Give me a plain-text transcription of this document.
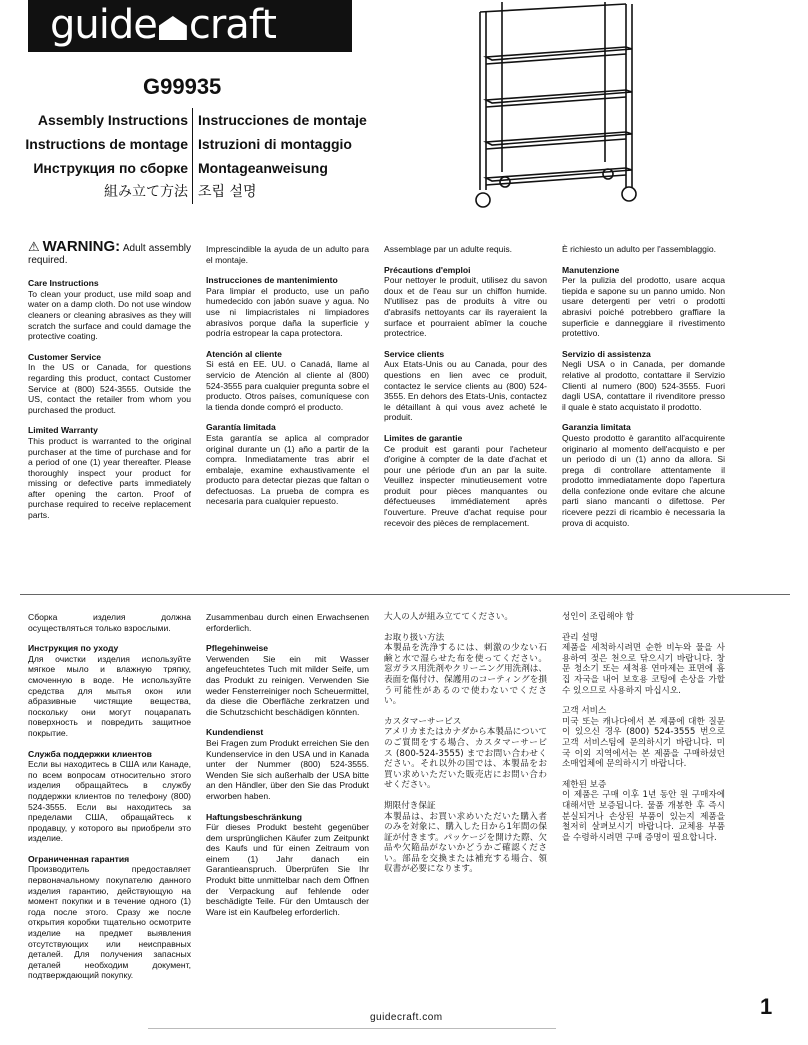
guide craft
G99935
Assembly Instructions
Instructions de montage
Инструкция по сборке
組み立て方法
Instrucciones de montaje
Istruzioni di montaggio
Montageanweisung
조립 설명
⚠ WARNING: Adult assembly required.
Care Instructions

To clean your product, use mild soap and water on a damp cloth. Do not use window cleaners or cleaning abrasives as they will scratch the surface and could damage the protective coating.

Customer Service

In the US or Canada, for questions regarding this product, contact Customer Service at (800) 524-3555. Outside the US, contact the retailer from whom you purchased the product.

Limited Warranty

This product is warranted to the original purchaser at the time of purchase and for a period of one (1) year thereafter. Please thoroughly inspect your product for missing or defective parts immediately after opening the carton. Proof of purchase required to receive replacement parts.

Imprescindible la ayuda de un adulto para el montaje.

Instrucciones de mantenimiento

Para limpiar el producto, use un paño humedecido con jabón suave y agua. No use ni limpiacristales ni limpiadores abrasivos porque daña la superficie y podría estropear la capa protectora.

Atención al cliente

Si está en EE. UU. o Canadá, llame al servicio de Atención al cliente al (800) 524-3555 para cualquier pregunta sobre el producto. Otros países, comuníquese con la tienda donde compró el producto.

Garantía limitada

Esta garantía se aplica al comprador original durante un (1) año a partir de la compra. Inmediatamente tras abrir el embalaje, examine exhaustivamente el producto para detectar piezas que faltan o defectuosas. La prueba de compra es necesaria para cualquier repuesto.

Assemblage par un adulte requis.

Précautions d'emploi

Pour nettoyer le produit, utilisez du savon doux et de l'eau sur un chiffon humide. N'utilisez pas de produits à vitre ou d'abrasifs nettoyants car ils rayeraient la surface et pourraient abîmer la couche protectrice.

Service clients

Aux Etats-Unis ou au Canada, pour des questions en lien avec ce produit, contactez le service clients au (800) 524-3555. En dehors des Etats-Unis, contactez le détaillant à qui vous avez acheté le produit.

Limites de garantie

Ce produit est garanti pour l'acheteur d'origine à compter de la date d'achat et pour une période d'un an par la suite. Veuillez inspecter minutieusement votre produit pour pièces manquantes ou défectueuses immédiatement après l'ouverture. Preuve d'achat requise pour recevoir des pièces de remplacement.

È richiesto un adulto per l'assemblaggio.

Manutenzione

Per la pulizia del prodotto, usare acqua tiepida e sapone su un panno umido. Non usare detergenti per vetri o prodotti abrasivi poiché potrebbero graffiare la superficie e danneggiare il rivestimento protettivo.

Servizio di assistenza

Negli USA o in Canada, per domande relative al prodotto, contattare il Servizio Clienti al numero (800) 524-3555. Fuori dagli USA, contattare il rivenditore presso il quale è stato acquistato il prodotto.

Garanzia limitata

Questo prodotto è garantito all'acquirente originario al momento dell'acquisto e per un periodo di un (1) anno da allora. Si prega di controllare attentamente il prodotto immediatamente dopo l'apertura della confezione onde evitare che alcune parti siano mancanti o difettose. Per ricevere pezzi di ricambio è necessaria la prova di acquisto.

Сборка изделия должна осуществляться только взрослыми.

Инструкция по уходу

Для очистки изделия используйте мягкое мыло и влажную тряпку, смоченную в воде. Не используйте средства для мытья окон или абразивные чистящие вещества, поскольку они могут поцарапать поверхность и повредить защитное покрытие.

Служба поддержки клиентов

Если вы находитесь в США или Канаде, по всем вопросам относительно этого изделия обращайтесь в службу поддержки клиентов по телефону (800) 524-3555. Если вы находитесь за пределами США, обращайтесь к продавцу, у которого вы приобрели это изделие.

Ограниченная гарантия

Производитель предоставляет первоначальному покупателю данного изделия гарантию, действующую на момент покупки и в течение одного (1) года после этого. Сразу же после открытия коробки тщательно осмотрите изделие на предмет выявления отсутствующих или неисправных деталей. Для получения запасных деталей необходим документ, подтверждающий покупку.

Zusammenbau durch einen Erwachsenen erforderlich.

Pflegehinweise

Verwenden Sie ein mit Wasser angefeuchtetes Tuch mit milder Seife, um das Produkt zu reinigen. Verwenden Sie weder Fensterreiniger noch Scheuermittel, da diese die Oberfläche zerkratzen und die Schutzschicht beschädigen könnten.

Kundendienst

Bei Fragen zum Produkt erreichen Sie den Kundenservice in den USA und in Kanada unter der Nummer (800) 524-3555. Wenden Sie sich außerhalb der USA bitte an den Händler, über den Sie das Produkt erworben haben.

Haftungsbeschränkung

Für dieses Produkt besteht gegenüber dem ursprünglichen Käufer zum Zeitpunkt des Kaufs und für einen Zeitraum von einem (1) Jahr danach ein Garantieanspruch. Überprüfen Sie Ihr Produkt bitte unmittelbar nach dem Öffnen der Verpackung auf fehlende oder beschädigte Teile. Für den Umtausch der Ware ist ein Kaufbeleg erforderlich.

大人の人が組み立ててください。

お取り扱い方法

本製品を洗浄するには、刺激の少ない石鹸と水で湿らせた布を使ってください。窓ガラス用洗剤やクリーニング用洗剤は、表面を傷付け、保護用のコーティングを損う可能性があるので使わないでください。

カスタマーサービス

アメリカまたはカナダから本製品についてのご質問をする場合、カスタマーサービス (800-524-3555) までお問い合わせください。それ以外の国では、本製品をお買い求めいただいた販売店にお問い合わせください。

期限付き保証

本製品は、お買い求めいただいた購入者のみを対象に、購入した日から1年間の保証が付きます。パッケージを開けた際、欠品や欠陥品がないかどうかご確認ください。部品を交換または補充する場合、領収書が必要になります。

성인이 조립해야 함

관리 설명

제품을 세척하시려면 순한 비누와 물을 사용하여 젖은 천으로 닦으시기 바랍니다. 창문 청소기 또는 세척용 연마제는 표면에 흠집 자국을 내어 보호용 코팅에 손상을 가할 수 있으므로 사용하지 마십시오.

고객 서비스

미국 또는 캐나다에서 본 제품에 대한 질문이 있으신 경우 (800) 524-3555 번으로 고객 서비스팀에 문의하시기 바랍니다. 미국 이외 지역에서는 본 제품을 구매하셨던 소매업체에 문의하시기 바랍니다.

제한된 보증

이 제품은 구매 이후 1년 동안 원 구매자에 대해서만 보증됩니다. 물품 개봉한 후 즉시 분실되거나 손상된 부품이 있는지 제품을 철저히 살펴보시기 바랍니다. 교체용 부품을 수령하시려면 구매 증명이 필요합니다.

guidecraft.com	1
